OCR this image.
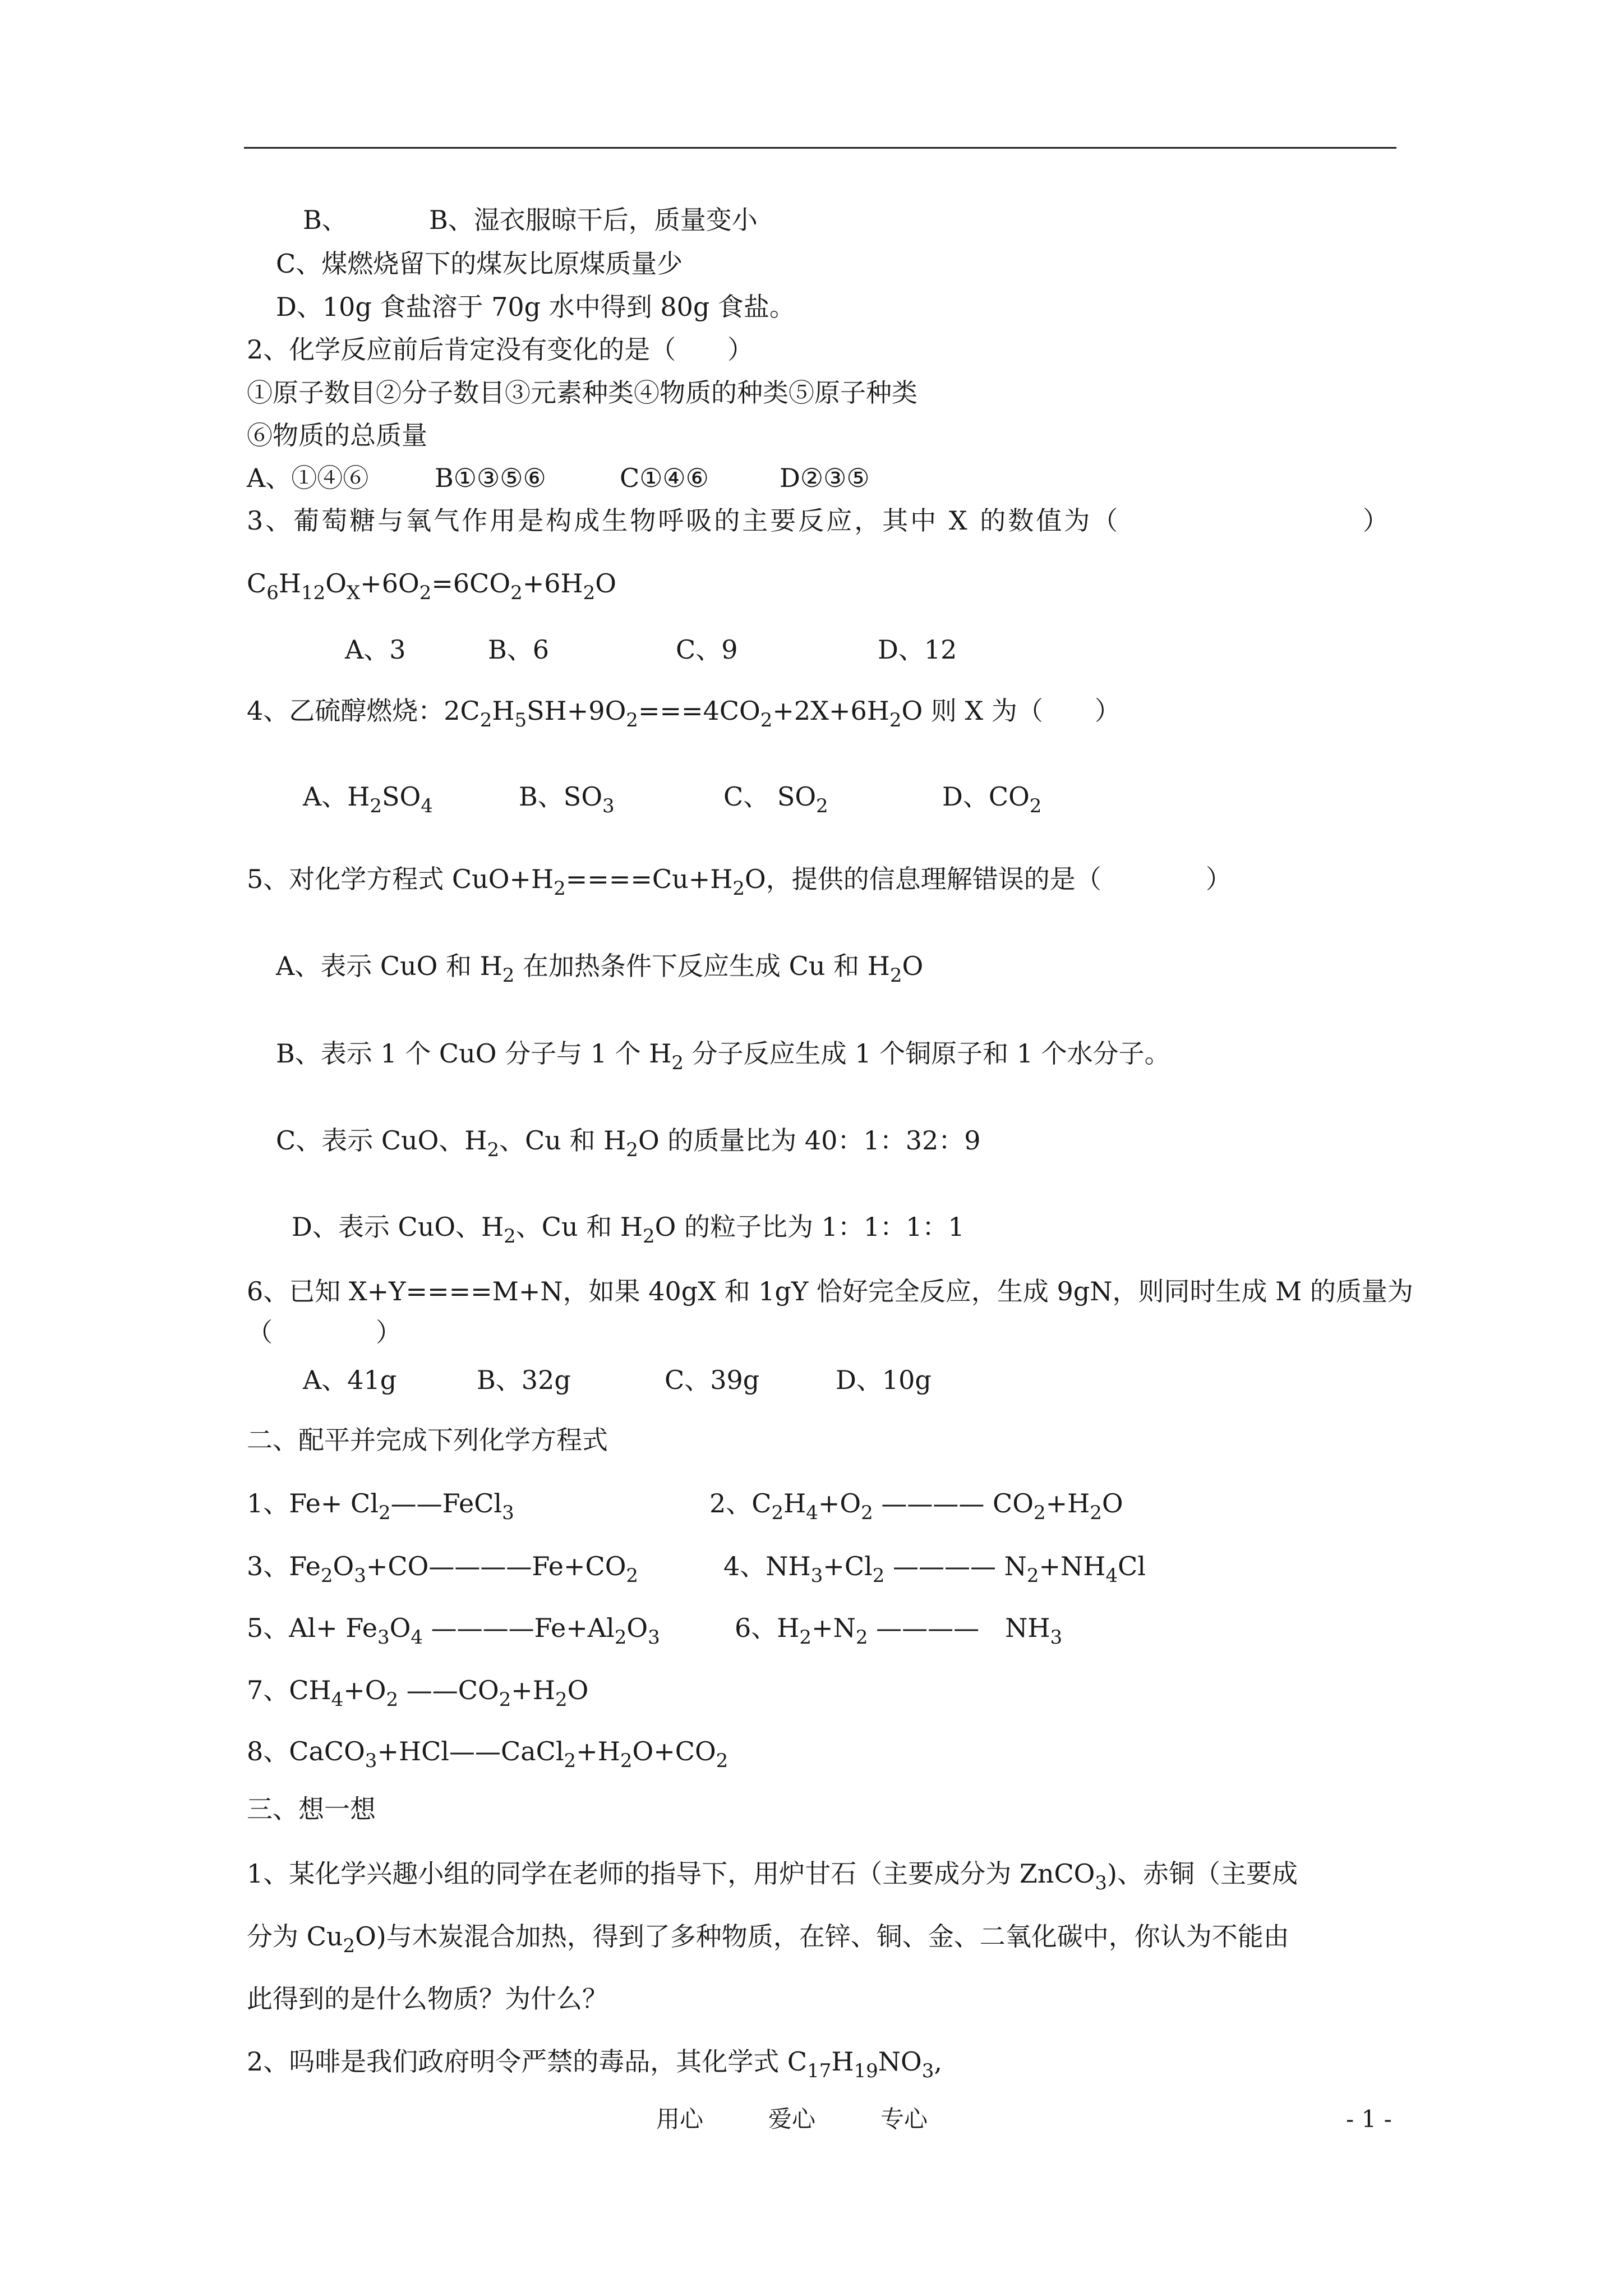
B、	B、湿衣服晾干后，质量变小
C、煤燃烧留下的煤灰比原煤质量少
D、10g 食盐溶于 70g 水中得到 80g 食盐。
2、化学反应前后肯定没有变化的是（　　）
①原子数目②分子数目③元素种类④物质的种类⑤原子种类
⑥物质的总质量
A、①④⑥	B①③⑤⑥	C①④⑥	D②③⑤
3、葡萄糖与氧气作用是构成生物呼吸的主要反应，其中 X 的数值为（	）
$C_6H_{12}O_X+6O_2=6CO_2+6H_2O$
A、3	B、6	C、9	D、12
4、乙硫醇燃烧：$2C_2H_5SH+9O_2===4CO_2+2X+6H_2O$ 则 X 为（　　）
A、$H_2SO_4$	B、$SO_3$	C、 $SO_2$	D、$CO_2$
5、对化学方程式 $CuO+H_2====Cu+H_2O$，提供的信息理解错误的是（	）
A、表示 CuO 和 $H_2$ 在加热条件下反应生成 Cu 和 $H_2O$
B、表示 1 个 CuO 分子与 1 个 $H_2$ 分子反应生成 1 个铜原子和 1 个水分子。
C、表示 CuO、$H_2$、Cu 和 $H_2O$ 的质量比为 40：1：32：9
D、表示 CuO、$H_2$、Cu 和 $H_2O$ 的粒子比为 1：1：1：1
6、已知 X+Y====M+N，如果 40gX 和 1gY 恰好完全反应，生成 9gN，则同时生成 M 的质量为
（　　　　）
A、41g	B、32g	C、39g	D、10g
二、配平并完成下列化学方程式
1、$Fe+ Cl_2——FeCl_3$	2、$C_2H_4+O_2$ ———— $CO_2+H_2O$
3、$Fe_2O_3+CO————Fe+CO_2$	4、$NH_3+Cl_2$ ———— $N_2+NH_4Cl$
5、$Al+ Fe_3O_4$ $————Fe+Al_2O_3$	6、$H_2+N_2$ ————　$NH_3$
7、$CH_4+O_2$ $——CO_2+H_2O$
8、$CaCO_3+HCl——CaCl_2+H_2O+CO_2$
三、想一想
1、某化学兴趣小组的同学在老师的指导下，用炉甘石（主要成分为 ZnCO$_3$)、赤铜（主要成
分为 $Cu_2O$)与木炭混合加热，得到了多种物质，在锌、铜、金、二氧化碳中，你认为不能由
此得到的是什么物质？为什么？
2、吗啡是我们政府明令严禁的毒品，其化学式 $C_{17}H_{19}NO_3$,
用心	爱心	专心	- 1 -
